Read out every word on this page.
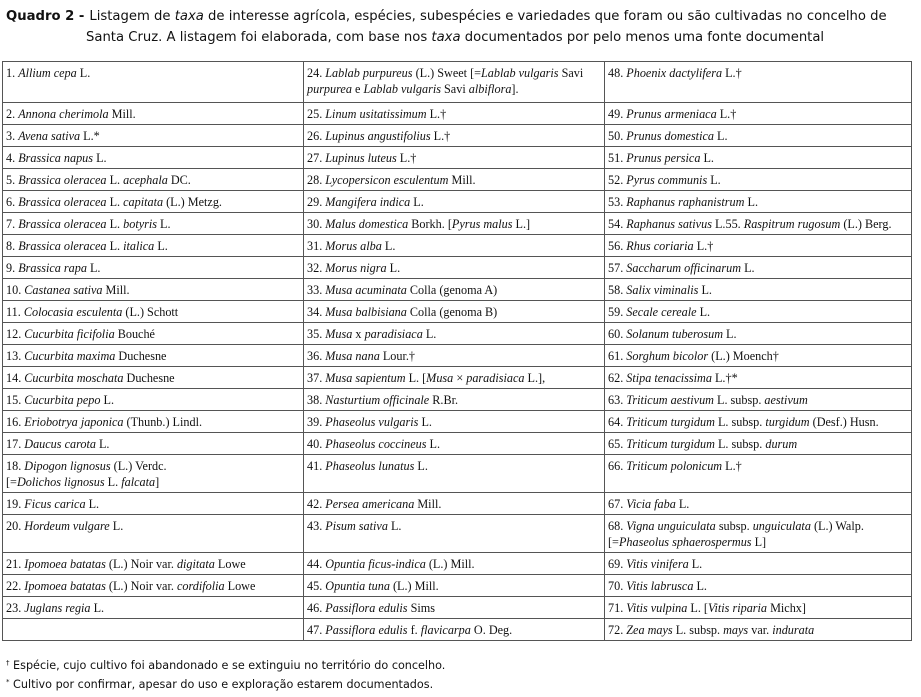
Quadro 2 - Listagem de taxa de interesse agrícola, espécies, subespécies e variedades que foram ou são cultivadas no concelho de Santa Cruz. A listagem foi elaborada, com base nos taxa documentados por pelo menos uma fonte documental
1. Allium cepa L.	24. Lablab purpureus (L.) Sweet [=Lablab vulgaris Savi
purpurea e Lablab vulgaris Savi albiflora].	48. Phoenix dactylifera L.†
2. Annona cherimola Mill.	25. Linum usitatissimum L.†	49. Prunus armeniaca L.†
3. Avena sativa L.*	26. Lupinus angustifolius L.†	50. Prunus domestica L.
4. Brassica napus L.	27. Lupinus luteus L.†	51. Prunus persica L.
5. Brassica oleracea L. acephala DC.	28. Lycopersicon esculentum Mill.	52. Pyrus communis L.
6. Brassica oleracea L. capitata (L.) Metzg.	29. Mangifera indica L.	53. Raphanus raphanistrum L.
7. Brassica oleracea L. botyris L.	30. Malus domestica Borkh. [Pyrus malus L.]	54. Raphanus sativus L.55. Raspitrum rugosum (L.) Berg.
8. Brassica oleracea L. italica L.	31. Morus alba L.	56. Rhus coriaria L.†
9. Brassica rapa L.	32. Morus nigra L.	57. Saccharum officinarum L.
10. Castanea sativa Mill.	33. Musa acuminata Colla (genoma A)	58. Salix viminalis L.
11. Colocasia esculenta (L.) Schott	34. Musa balbisiana Colla (genoma B)	59. Secale cereale L.
12. Cucurbita ficifolia Bouché	35. Musa x paradisiaca L.	60. Solanum tuberosum L.
13. Cucurbita maxima Duchesne	36. Musa nana Lour.†	61. Sorghum bicolor (L.) Moench†
14. Cucurbita moschata Duchesne	37. Musa sapientum L. [Musa × paradisiaca L.],	62. Stipa tenacissima L.†*
15. Cucurbita pepo L.	38. Nasturtium officinale R.Br.	63. Triticum aestivum L. subsp. aestivum
16. Eriobotrya japonica (Thunb.) Lindl.	39. Phaseolus vulgaris L.	64. Triticum turgidum L. subsp. turgidum (Desf.) Husn.
17. Daucus carota L.	40. Phaseolus coccineus L.	65. Triticum turgidum L. subsp. durum
18. Dipogon lignosus (L.) Verdc.
[=Dolichos lignosus L. falcata]	41. Phaseolus lunatus L.	66. Triticum polonicum L.†
19. Ficus carica L.	42. Persea americana Mill.	67. Vicia faba L.
20. Hordeum vulgare L.	43. Pisum sativa L.	68. Vigna unguiculata subsp. unguiculata (L.) Walp.
[=Phaseolus sphaerospermus L]
21. Ipomoea batatas (L.) Noir var. digitata Lowe	44. Opuntia ficus-indica (L.) Mill.	69. Vitis vinifera L.
22. Ipomoea batatas (L.) Noir var. cordifolia Lowe	45. Opuntia tuna (L.) Mill.	70. Vitis labrusca L.
23. Juglans regia L.	46. Passiflora edulis Sims	71. Vitis vulpina L. [Vitis riparia Michx]
	47. Passiflora edulis f. flavicarpa O. Deg.	72. Zea mays L. subsp. mays var. indurata
† Espécie, cujo cultivo foi abandonado e se extinguiu no território do concelho.
* Cultivo por confirmar, apesar do uso e exploração estarem documentados.
